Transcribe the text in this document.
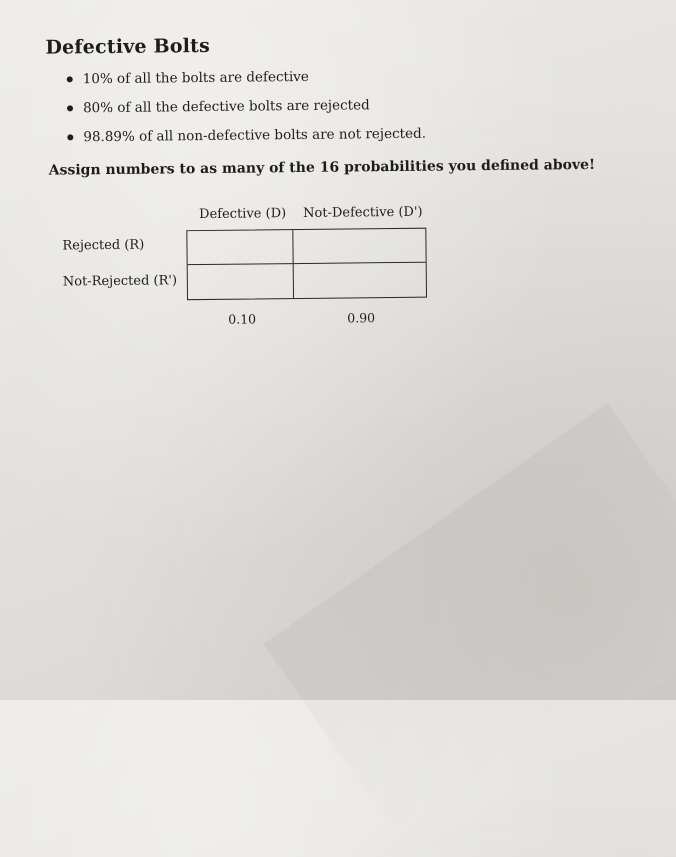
Defective Bolts
10% of all the bolts are defective
80% of all the defective bolts are rejected
98.89% of all non-defective bolts are not rejected.

Assign numbers to as many of the 16 probabilities you defined above!

Defective (D) Not-Defective (D')
Rejected (R)
Not-Rejected (R')
0.10	0.90
